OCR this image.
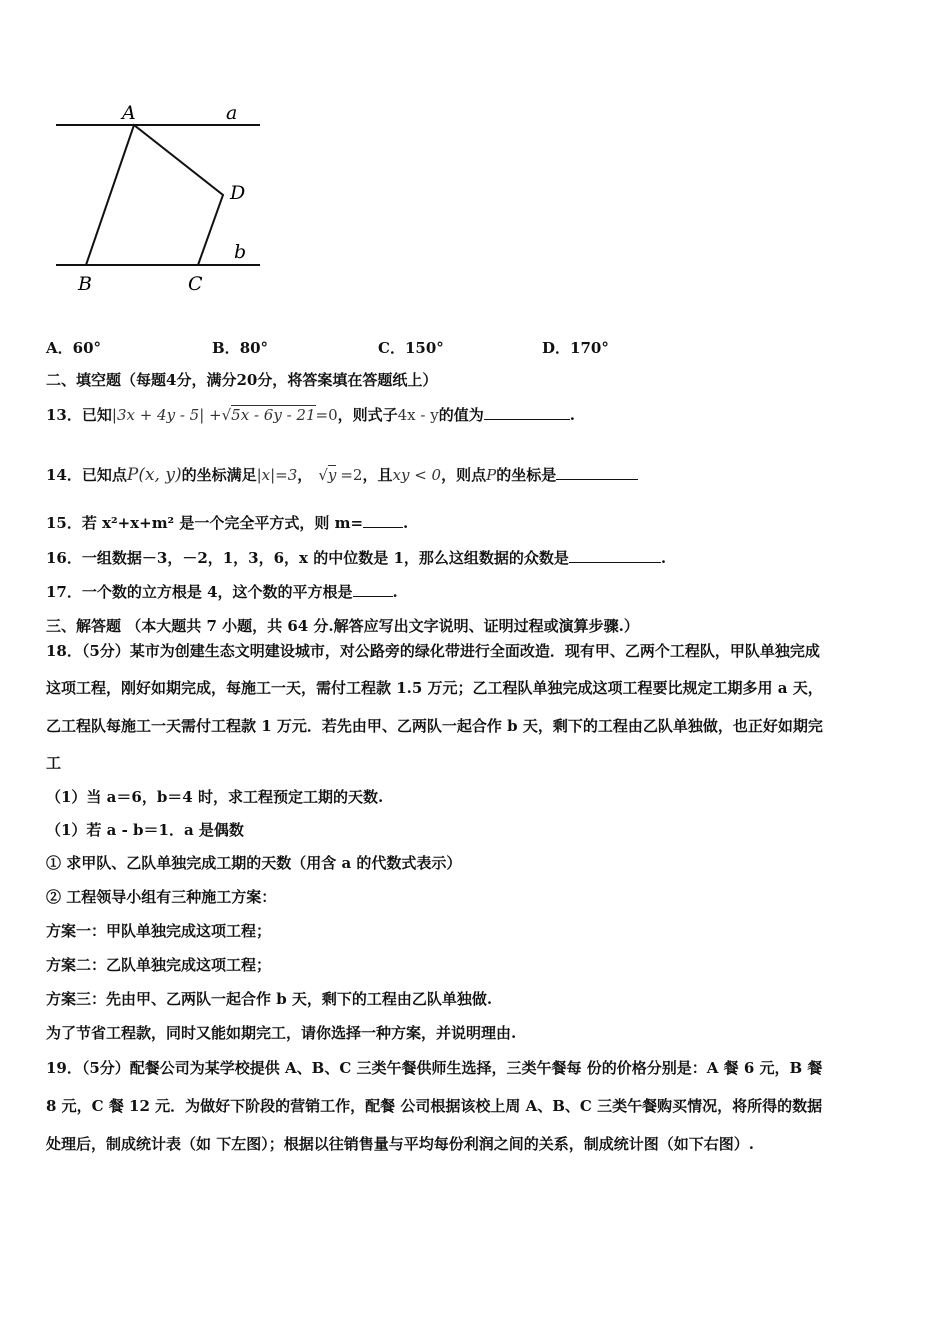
A	a
D
b
B	C
A．60°	B．80°	C．150°	D．170°
二、填空题（每题4分，满分20分，将答案填在答题纸上）
13．已知|3x + 4y - 5| +√5x - 6y - 21=0，则式子4x - y的值为	.
14．已知点P(x, y)的坐标满足|x|=3， √y =2，且xy < 0，则点P的坐标是
15．若 x²+x+m² 是一个完全平方式，则 m=	.
16．一组数据－3，－2，1，3，6，x 的中位数是 1，那么这组数据的众数是	.
17．一个数的立方根是 4，这个数的平方根是	.
三、解答题 （本大题共 7 小题，共 64 分.解答应写出文字说明、证明过程或演算步骤.）
18．（5分）某市为创建生态文明建设城市，对公路旁的绿化带进行全面改造．现有甲、乙两个工程队，甲队单独完成
这项工程，刚好如期完成，每施工一天，需付工程款 1.5 万元；乙工程队单独完成这项工程要比规定工期多用 a 天，
乙工程队每施工一天需付工程款 1 万元．若先由甲、乙两队一起合作 b 天，剩下的工程由乙队单独做，也正好如期完
工
（1）当 a＝6，b＝4 时，求工程预定工期的天数.
（1）若 a - b＝1．a 是偶数
① 求甲队、乙队单独完成工期的天数（用含 a 的代数式表示）
② 工程领导小组有三种施工方案：
方案一：甲队单独完成这项工程；
方案二：乙队单独完成这项工程；
方案三：先由甲、乙两队一起合作 b 天，剩下的工程由乙队单独做.
为了节省工程款，同时又能如期完工，请你选择一种方案，并说明理由.
19．（5分）配餐公司为某学校提供 A、B、C 三类午餐供师生选择，三类午餐每 份的价格分别是：A 餐 6 元，B 餐
8 元，C 餐 12 元．为做好下阶段的营销工作，配餐 公司根据该校上周 A、B、C 三类午餐购买情况，将所得的数据
处理后，制成统计表（如 下左图）；根据以往销售量与平均每份利润之间的关系，制成统计图（如下右图）.
